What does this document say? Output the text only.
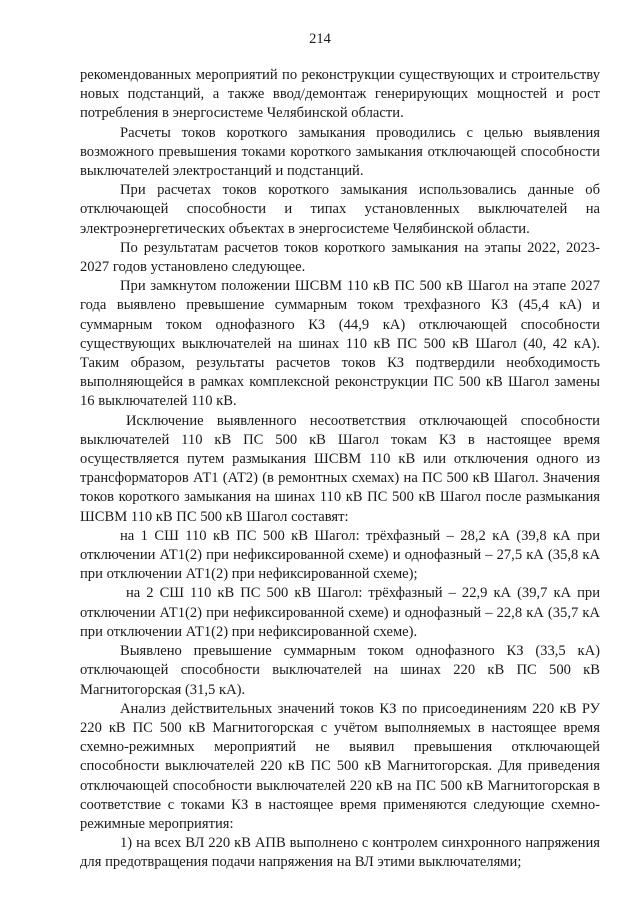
214

рекомендованных мероприятий по реконструкции существующих и строительству новых подстанций, а также ввод/демонтаж генерирующих мощностей и рост потребления в энергосистеме Челябинской области.

Расчеты токов короткого замыкания проводились с целью выявления возможного превышения токами короткого замыкания отключающей способности выключателей электростанций и подстанций.

При расчетах токов короткого замыкания использовались данные об отключающей способности и типах установленных выключателей на электроэнергетических объектах в энергосистеме Челябинской области.

По результатам расчетов токов короткого замыкания на этапы 2022, 2023-2027 годов установлено следующее.

При замкнутом положении ШСВМ 110 кВ ПС 500 кВ Шагол на этапе 2027 года выявлено превышение суммарным током трехфазного КЗ (45,4 кА) и суммарным током однофазного КЗ (44,9 кА) отключающей способности существующих выключателей на шинах 110 кВ ПС 500 кВ Шагол (40, 42 кА). Таким образом, результаты расчетов токов КЗ подтвердили необходимость выполняющейся в рамках комплексной реконструкции ПС 500 кВ Шагол замены 16 выключателей 110 кВ.

Исключение выявленного несоответствия отключающей способности выключателей 110 кВ ПС 500 кВ Шагол токам КЗ в настоящее время осуществляется путем размыкания ШСВМ 110 кВ или отключения одного из трансформаторов АТ1 (АТ2) (в ремонтных схемах) на ПС 500 кВ Шагол. Значения токов короткого замыкания на шинах 110 кВ ПС 500 кВ Шагол после размыкания ШСВМ 110 кВ ПС 500 кВ Шагол составят:

на 1 СШ 110 кВ ПС 500 кВ Шагол: трёхфазный – 28,2 кА (39,8 кА при отключении АТ1(2) при нефиксированной схеме) и однофазный – 27,5 кА (35,8 кА при отключении АТ1(2) при нефиксированной схеме);

на 2 СШ 110 кВ ПС 500 кВ Шагол: трёхфазный – 22,9 кА (39,7 кА при отключении АТ1(2) при нефиксированной схеме) и однофазный – 22,8 кА (35,7 кА при отключении АТ1(2) при нефиксированной схеме).

Выявлено превышение суммарным током однофазного КЗ (33,5 кА) отключающей способности выключателей на шинах 220 кВ ПС 500 кВ Магнитогорская (31,5 кА).

Анализ действительных значений токов КЗ по присоединениям 220 кВ РУ 220 кВ ПС 500 кВ Магнитогорская с учётом выполняемых в настоящее время схемно-режимных мероприятий не выявил превышения отключающей способности выключателей 220 кВ ПС 500 кВ Магнитогорская. Для приведения отключающей способности выключателей 220 кВ на ПС 500 кВ Магнитогорская в соответствие с токами КЗ в настоящее время применяются следующие схемно-режимные мероприятия:

1) на всех ВЛ 220 кВ АПВ выполнено с контролем синхронного напряжения для предотвращения подачи напряжения на ВЛ этими выключателями;
